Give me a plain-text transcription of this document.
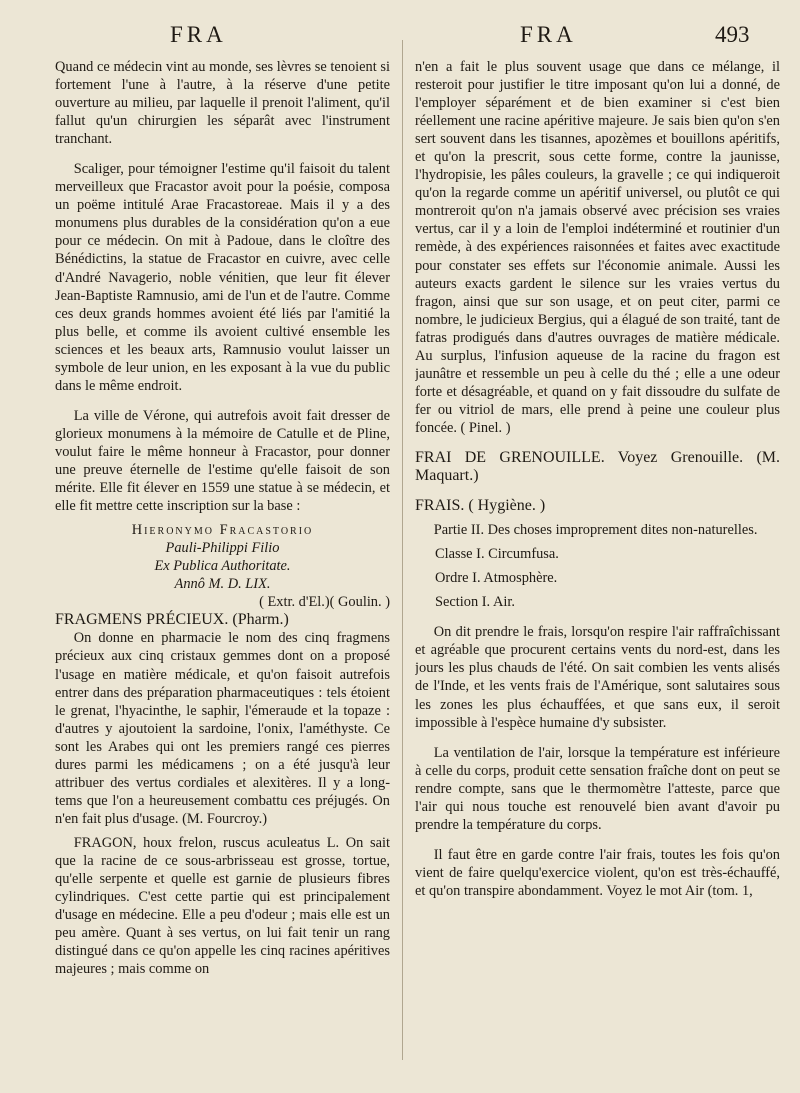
FRA	FRA	493

Quand ce médecin vint au monde, ses lèvres se tenoient si fortement l'une à l'autre, à la réserve d'une petite ouverture au milieu, par laquelle il prenoit l'aliment, qu'il fallut qu'un chirurgien les séparât avec l'instrument tranchant.

Scaliger, pour témoigner l'estime qu'il faisoit du talent merveilleux que Fracastor avoit pour la poésie, composa un poëme intitulé Arae Fracastoreae. Mais il y a des monumens plus durables de la considération qu'on a eue pour ce médecin. On mit à Padoue, dans le cloître des Bénédictins, la statue de Fracastor en cuivre, avec celle d'André Navagerio, noble vénitien, que leur fit élever Jean-Baptiste Ramnusio, ami de l'un et de l'autre. Comme ces deux grands hommes avoient été liés par l'amitié la plus belle, et comme ils avoient cultivé ensemble les sciences et les beaux arts, Ramnusio voulut laisser un symbole de leur union, en les exposant à la vue du public dans le même endroit.

La ville de Vérone, qui autrefois avoit fait dresser de glorieux monumens à la mémoire de Catulle et de Pline, voulut faire le même honneur à Fracastor, pour donner une preuve éternelle de l'estime qu'elle faisoit de son mérite. Elle fit élever en 1559 une statue à se médecin, et elle fit mettre cette inscription sur la base :

Hieronymo Fracastorio

Pauli-Philippi Filio

Ex Publica Authoritate.

Annô M. D. LIX.

( Extr. d'El.)( Goulin. )

FRAGMENS PRÉCIEUX. (Pharm.)

On donne en pharmacie le nom des cinq fragmens précieux aux cinq cristaux gemmes dont on a proposé l'usage en matière médicale, et qu'on faisoit autrefois entrer dans des préparation pharmaceutiques : tels étoient le grenat, l'hyacinthe, le saphir, l'émeraude et la topaze : d'autres y ajoutoient la sardoine, l'onix, l'améthyste. Ce sont les Arabes qui ont les premiers rangé ces pierres dures parmi les médicamens ; on a été jusqu'à leur attribuer des vertus cordiales et alexitères. Il y a long-tems que l'on a heureusement combattu ces préjugés. On n'en fait plus d'usage. (M. Fourcroy.)

FRAGON, houx frelon, ruscus aculeatus L. On sait que la racine de ce sous-arbrisseau est grosse, tortue, qu'elle serpente et quelle est garnie de plusieurs fibres cylindriques. C'est cette partie qui est principalement d'usage en médecine. Elle a peu d'odeur ; mais elle est un peu amère. Quant à ses vertus, on lui fait tenir un rang distingué dans ce qu'on appelle les cinq racines apéritives majeures ; mais comme on

n'en a fait le plus souvent usage que dans ce mélange, il resteroit pour justifier le titre imposant qu'on lui a donné, de l'employer séparément et de bien examiner si c'est bien réellement une racine apéritive majeure. Je sais bien qu'on s'en sert souvent dans les tisannes, apozèmes et bouillons apéritifs, et qu'on la prescrit, sous cette forme, contre la jaunisse, l'hydropisie, les pâles couleurs, la gravelle ; ce qui indiqueroit qu'on la regarde comme un apéritif universel, ou plutôt ce qui montreroit qu'on n'a jamais observé avec précision ses vraies vertus, car il y a loin de l'emploi indéterminé et routinier d'un remède, à des expériences raisonnées et faites avec exactitude pour constater ses effets sur l'économie animale. Aussi les auteurs exacts gardent le silence sur les vraies vertus du fragon, ainsi que sur son usage, et on peut citer, parmi ce nombre, le judicieux Bergius, qui a élagué de son traité, tant de fatras prodigués dans d'autres ouvrages de matière médicale. Au surplus, l'infusion aqueuse de la racine du fragon est jaunâtre et ressemble un peu à celle du thé ; elle a une odeur forte et désagréable, et quand on y fait dissoudre du sulfate de fer ou vitriol de mars, elle prend à peine une couleur plus foncée. ( Pinel. )

FRAI DE GRENOUILLE. Voyez Grenouille. (M. Maquart.)

FRAIS. ( Hygiène. )

Partie II. Des choses improprement dites non-naturelles.

Classe I. Circumfusa.

Ordre I. Atmosphère.

Section I. Air.

On dit prendre le frais, lorsqu'on respire l'air raffraîchissant et agréable que procurent certains vents du nord-est, dans les jours les plus chauds de l'été. On sait combien les vents alisés de l'Inde, et les vents frais de l'Amérique, sont salutaires sous les zones les plus échauffées, et que sans eux, il seroit impossible à l'espèce humaine d'y subsister.

La ventilation de l'air, lorsque la température est inférieure à celle du corps, produit cette sensation fraîche dont on peut se rendre compte, sans que le thermomètre l'atteste, parce que l'air qui nous touche est renouvelé bien avant d'avoir pu prendre la température du corps.

Il faut être en garde contre l'air frais, toutes les fois qu'on vient de faire quelqu'exercice violent, qu'on est très-échauffé, et qu'on transpire abondamment. Voyez le mot Air (tom. 1,
